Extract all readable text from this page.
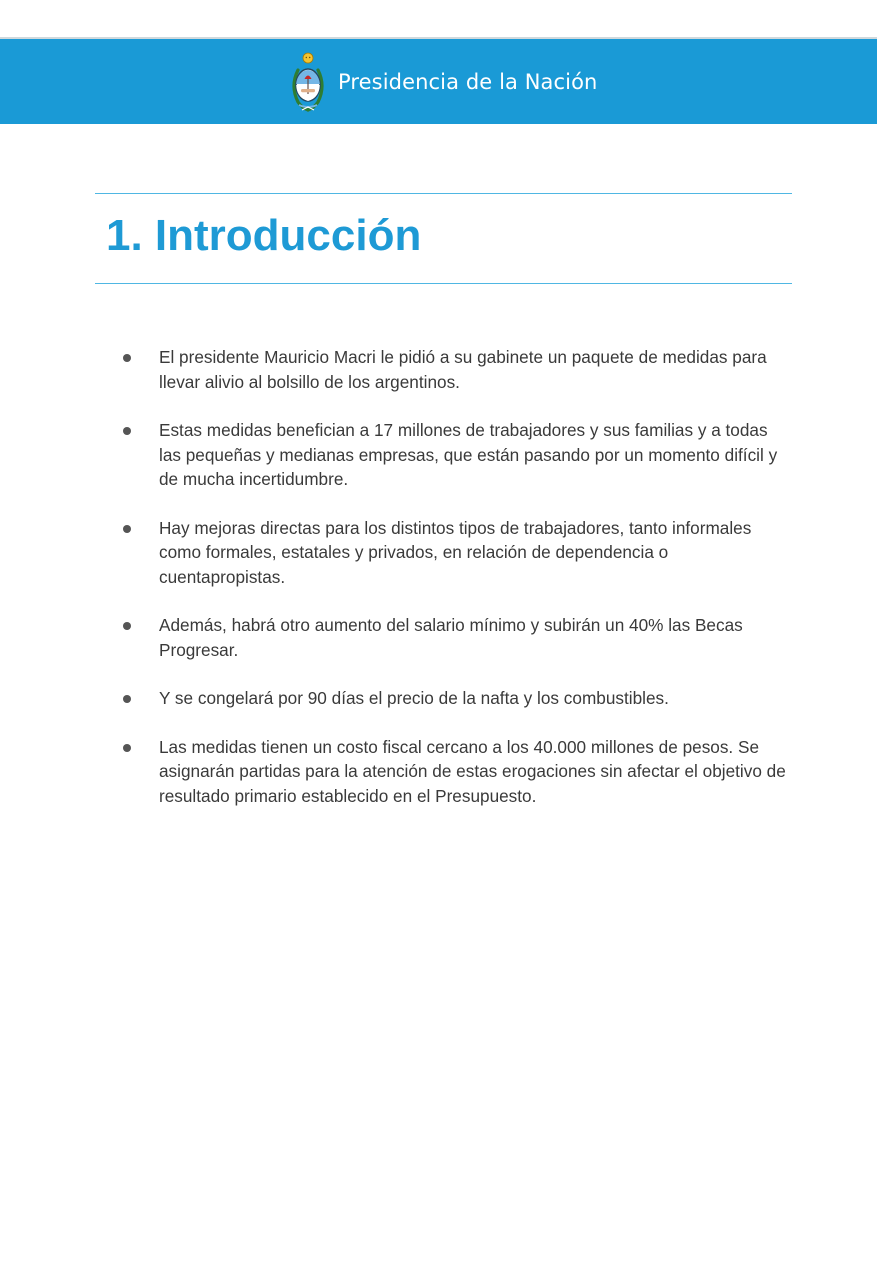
Presidencia de la Nación
1. Introducción
El presidente Mauricio Macri le pidió a su gabinete un paquete de medidas para llevar alivio al bolsillo de los argentinos.
Estas medidas benefician a 17 millones de trabajadores y sus familias y a todas las pequeñas y medianas empresas, que están pasando por un momento difícil y de mucha incertidumbre.
Hay mejoras directas para los distintos tipos de trabajadores, tanto informales como formales, estatales y privados, en relación de dependencia o cuentapropistas.
Además, habrá otro aumento del salario mínimo y subirán un 40% las Becas Progresar.
Y se congelará por 90 días el precio de la nafta y los combustibles.
Las medidas tienen un costo fiscal cercano a los 40.000 millones de pesos. Se asignarán partidas para la atención de estas erogaciones sin afectar el objetivo de resultado primario establecido en el Presupuesto.
